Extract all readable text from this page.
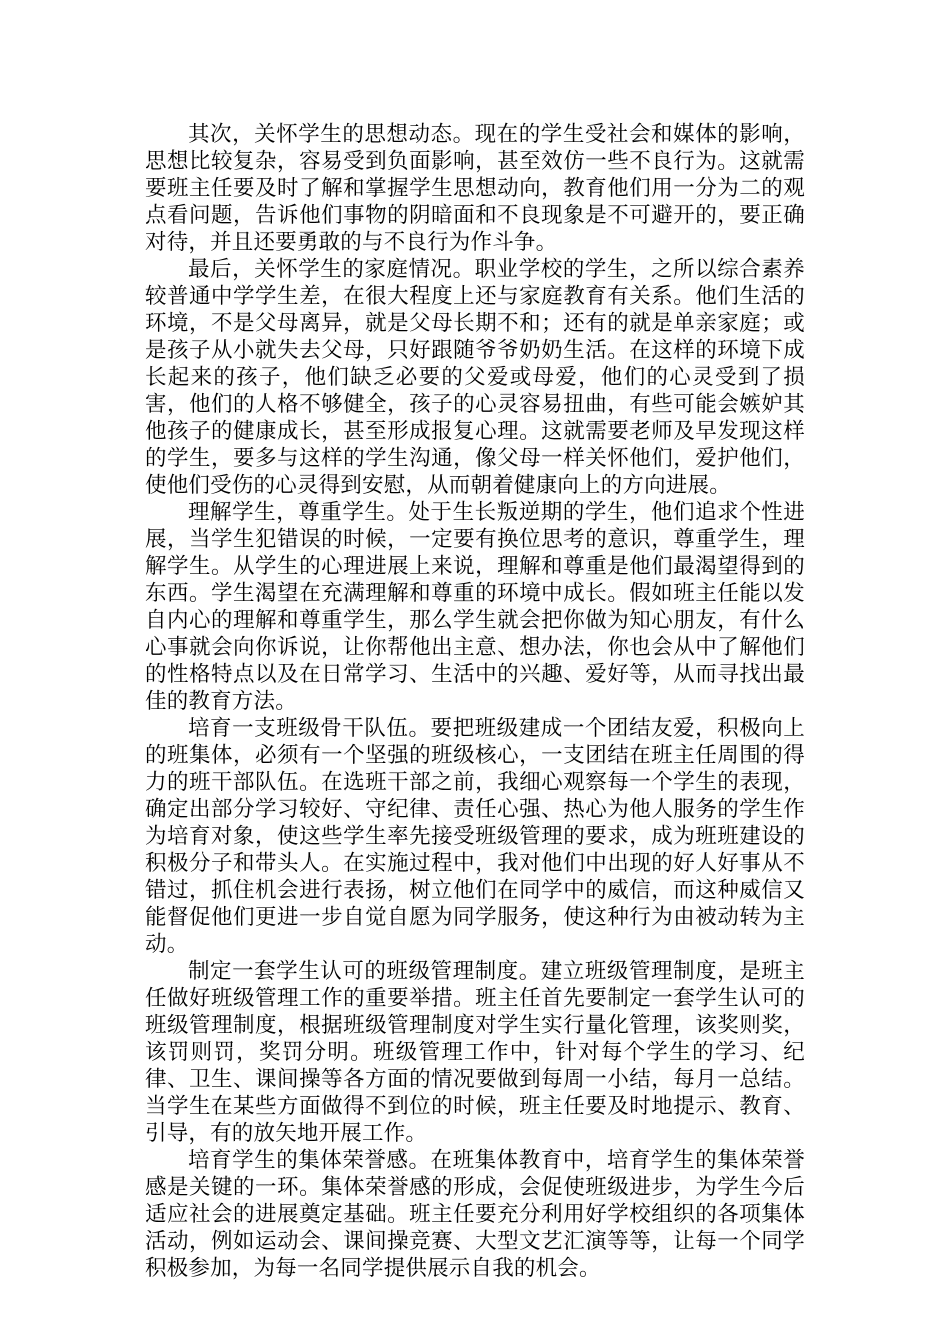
其次，关怀学生的思想动态。现在的学生受社会和媒体的影响，思想比较复杂，容易受到负面影响，甚至效仿一些不良行为。这就需要班主任要及时了解和掌握学生思想动向，教育他们用一分为二的观点看问题，告诉他们事物的阴暗面和不良现象是不可避开的，要正确对待，并且还要勇敢的与不良行为作斗争。

最后，关怀学生的家庭情况。职业学校的学生，之所以综合素养较普通中学学生差，在很大程度上还与家庭教育有关系。他们生活的环境，不是父母离异，就是父母长期不和；还有的就是单亲家庭；或是孩子从小就失去父母，只好跟随爷爷奶奶生活。在这样的环境下成长起来的孩子，他们缺乏必要的父爱或母爱，他们的心灵受到了损害，他们的人格不够健全，孩子的心灵容易扭曲，有些可能会嫉妒其他孩子的健康成长，甚至形成报复心理。这就需要老师及早发现这样的学生，要多与这样的学生沟通，像父母一样关怀他们，爱护他们，使他们受伤的心灵得到安慰，从而朝着健康向上的方向进展。

理解学生，尊重学生。处于生长叛逆期的学生，他们追求个性进展，当学生犯错误的时候，一定要有换位思考的意识，尊重学生，理解学生。从学生的心理进展上来说，理解和尊重是他们最渴望得到的东西。学生渴望在充满理解和尊重的环境中成长。假如班主任能以发自内心的理解和尊重学生，那么学生就会把你做为知心朋友，有什么心事就会向你诉说，让你帮他出主意、想办法，你也会从中了解他们的性格特点以及在日常学习、生活中的兴趣、爱好等，从而寻找出最佳的教育方法。

培育一支班级骨干队伍。要把班级建成一个团结友爱，积极向上的班集体，必须有一个坚强的班级核心，一支团结在班主任周围的得力的班干部队伍。在选班干部之前，我细心观察每一个学生的表现，确定出部分学习较好、守纪律、责任心强、热心为他人服务的学生作为培育对象，使这些学生率先接受班级管理的要求，成为班班建设的积极分子和带头人。在实施过程中，我对他们中出现的好人好事从不错过，抓住机会进行表扬，树立他们在同学中的威信，而这种威信又能督促他们更进一步自觉自愿为同学服务，使这种行为由被动转为主动。

制定一套学生认可的班级管理制度。建立班级管理制度，是班主任做好班级管理工作的重要举措。班主任首先要制定一套学生认可的班级管理制度，根据班级管理制度对学生实行量化管理，该奖则奖，该罚则罚，奖罚分明。班级管理工作中，针对每个学生的学习、纪律、卫生、课间操等各方面的情况要做到每周一小结，每月一总结。当学生在某些方面做得不到位的时候，班主任要及时地提示、教育、引导，有的放矢地开展工作。

培育学生的集体荣誉感。在班集体教育中，培育学生的集体荣誉感是关键的一环。集体荣誉感的形成，会促使班级进步，为学生今后适应社会的进展奠定基础。班主任要充分利用好学校组织的各项集体活动，例如运动会、课间操竞赛、大型文艺汇演等等，让每一个同学积极参加，为每一名同学提供展示自我的机会。
